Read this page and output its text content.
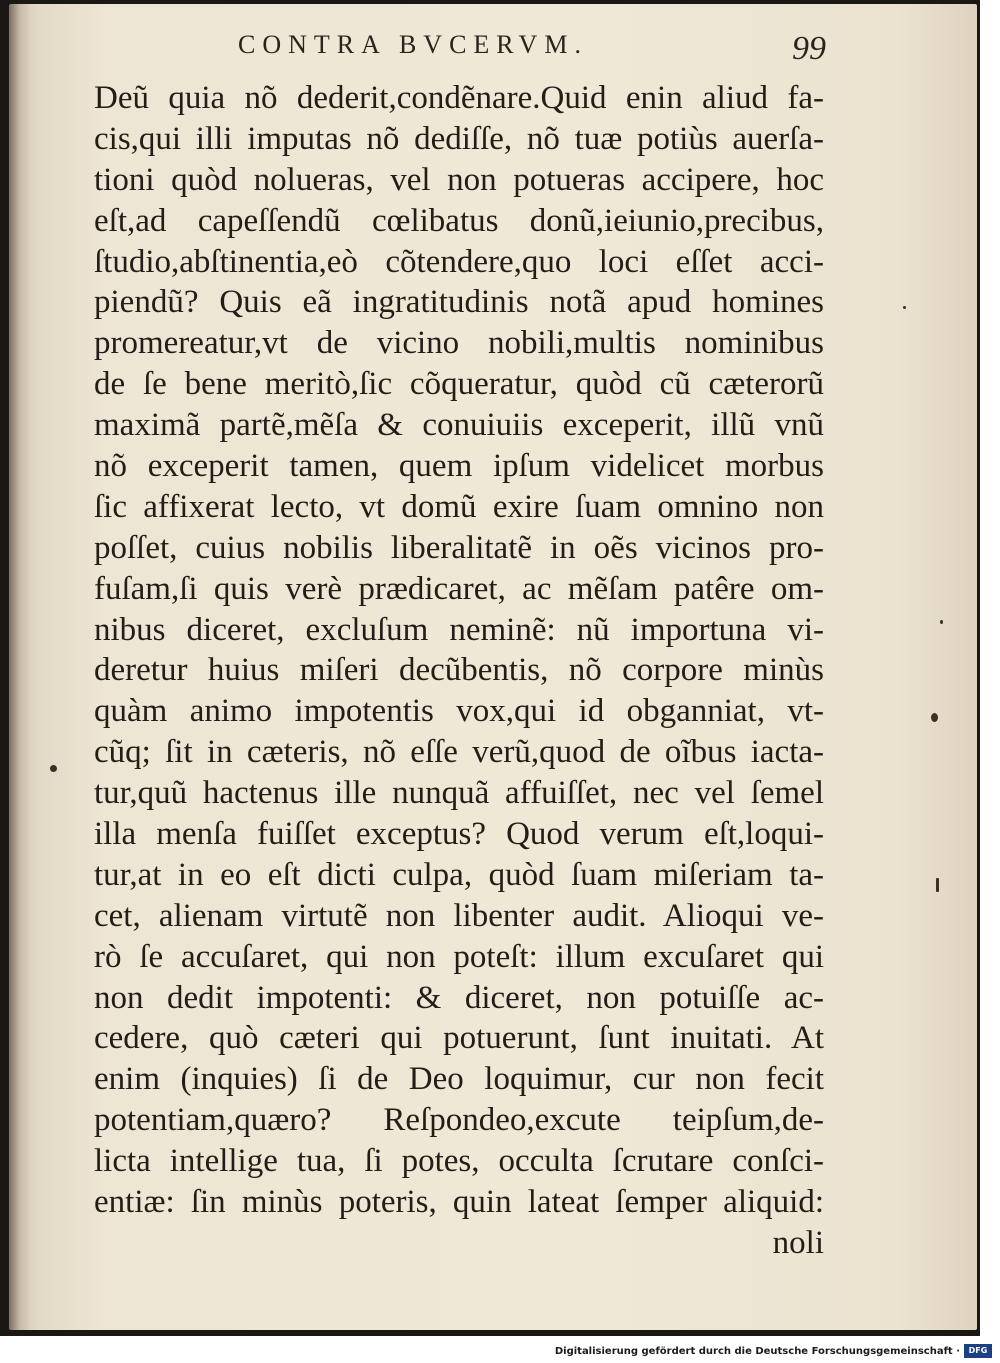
CONTRA BVCERVM.	99
Deũ quia nõ dederit,condẽnare.Quid enin aliud fa-
cis,qui illi imputas nõ dediſſe, nõ tuæ potiùs auerſa-
tioni quòd nolueras, vel non potueras accipere, hoc
eſt,ad capeſſendũ cœlibatus donũ,ieiunio,precibus,
ſtudio,abſtinentia,eò cõtendere,quo loci eſſet acci-
piendũ? Quis eã ingratitudinis notã apud homines
promereatur,vt de vicino nobili,multis nominibus
de ſe bene meritò,ſic cõqueratur, quòd cũ cæterorũ
maximã partẽ,mẽſa & conuiuiis exceperit, illũ vnũ
nõ exceperit tamen, quem ipſum videlicet morbus
ſic affixerat lecto, vt domũ exire ſuam omnino non
poſſet, cuius nobilis liberalitatẽ in oẽs vicinos pro-
fuſam,ſi quis verè prædicaret, ac mẽſam patêre om-
nibus diceret, excluſum neminẽ: nũ importuna vi-
deretur huius miſeri decũbentis, nõ corpore minùs
quàm animo impotentis vox,qui id obganniat, vt-
cũq; ſit in cæteris, nõ eſſe verũ,quod de oĩbus iacta-
tur,quũ hactenus ille nunquã affuiſſet, nec vel ſemel
illa menſa fuiſſet exceptus? Quod verum eſt,loqui-
tur,at in eo eſt dicti culpa, quòd ſuam miſeriam ta-
cet, alienam virtutẽ non libenter audit. Alioqui ve-
rò ſe accuſaret, qui non poteſt: illum excuſaret qui
non dedit impotenti: & diceret, non potuiſſe ac-
cedere, quò cæteri qui potuerunt, ſunt inuitati. At
enim (inquies) ſi de Deo loquimur, cur non fecit
potentiam,quæro? Reſpondeo,excute teipſum,de-
licta intellige tua, ſi potes, occulta ſcrutare conſci-
entiæ: ſin minùs poteris, quin lateat ſemper aliquid:
noli
Digitalisierung gefördert durch die Deutsche Forschungsgemeinschaft ·	DFG
